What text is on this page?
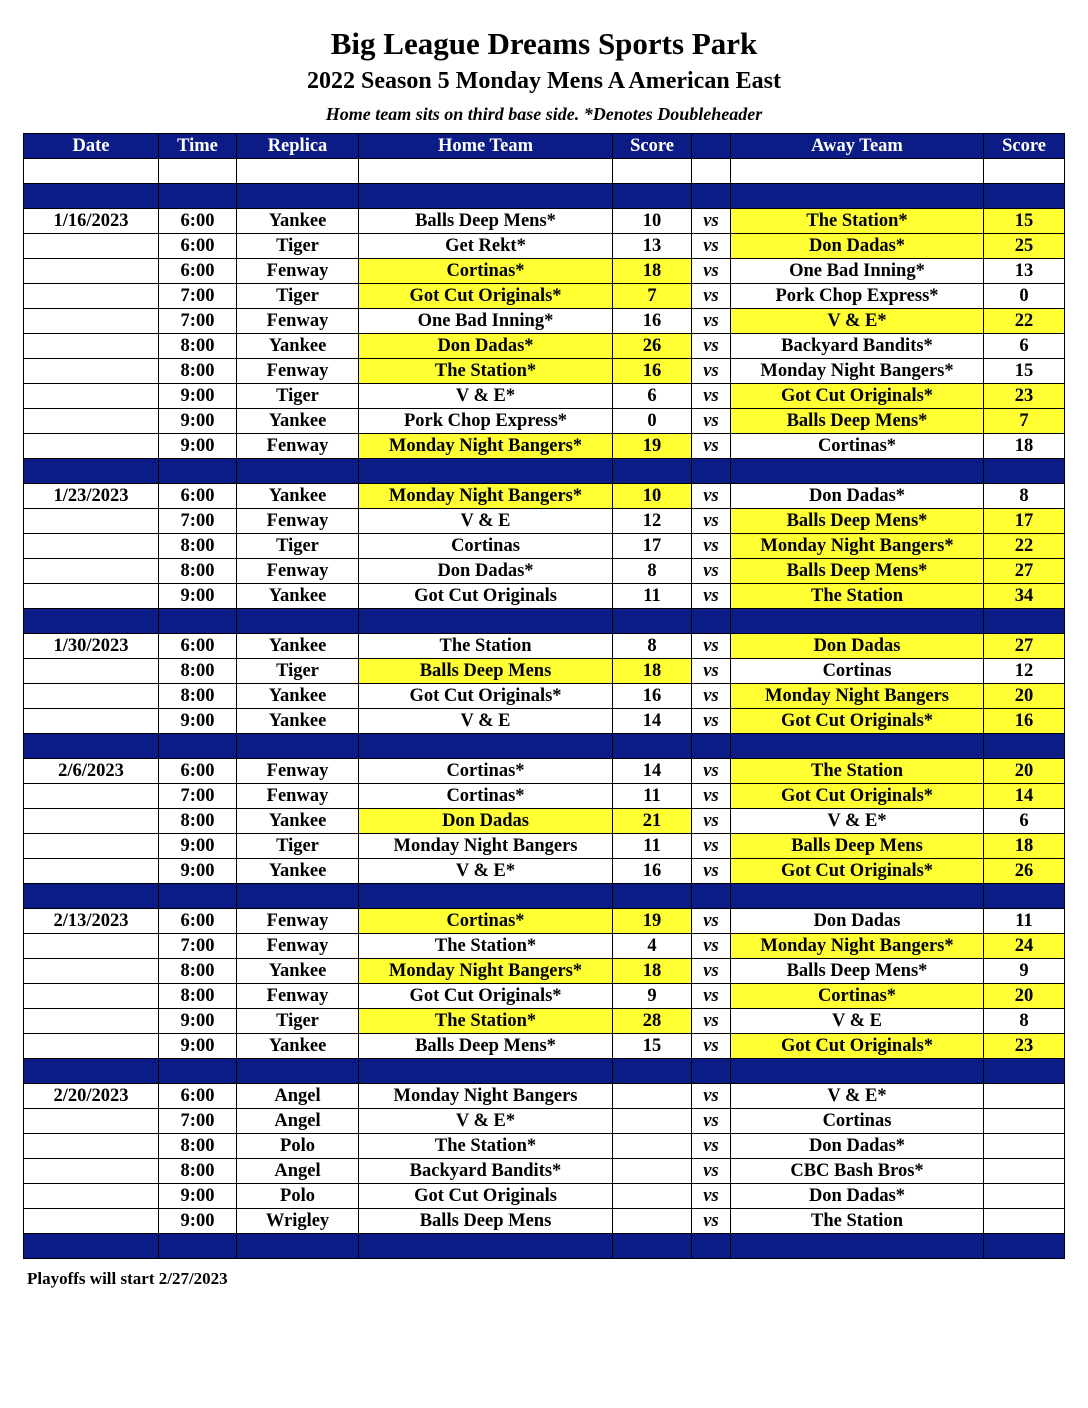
Big League Dreams Sports Park
2022 Season 5 Monday Mens A American East
Home team sits on third base side. *Denotes Doubleheader
Date	Time	Replica	Home Team	Score		Away Team	Score

1/16/2023	6:00	Yankee	Balls Deep Mens*	10	vs	The Station*	15
	6:00	Tiger	Get Rekt*	13	vs	Don Dadas*	25
	6:00	Fenway	Cortinas*	18	vs	One Bad Inning*	13
	7:00	Tiger	Got Cut Originals*	7	vs	Pork Chop Express*	0
	7:00	Fenway	One Bad Inning*	16	vs	V & E*	22
	8:00	Yankee	Don Dadas*	26	vs	Backyard Bandits*	6
	8:00	Fenway	The Station*	16	vs	Monday Night Bangers*	15
	9:00	Tiger	V & E*	6	vs	Got Cut Originals*	23
	9:00	Yankee	Pork Chop Express*	0	vs	Balls Deep Mens*	7
	9:00	Fenway	Monday Night Bangers*	19	vs	Cortinas*	18

1/23/2023	6:00	Yankee	Monday Night Bangers*	10	vs	Don Dadas*	8
	7:00	Fenway	V & E	12	vs	Balls Deep Mens*	17
	8:00	Tiger	Cortinas	17	vs	Monday Night Bangers*	22
	8:00	Fenway	Don Dadas*	8	vs	Balls Deep Mens*	27
	9:00	Yankee	Got Cut Originals	11	vs	The Station	34

1/30/2023	6:00	Yankee	The Station	8	vs	Don Dadas	27
	8:00	Tiger	Balls Deep Mens	18	vs	Cortinas	12
	8:00	Yankee	Got Cut Originals*	16	vs	Monday Night Bangers	20
	9:00	Yankee	V & E	14	vs	Got Cut Originals*	16

2/6/2023	6:00	Fenway	Cortinas*	14	vs	The Station	20
	7:00	Fenway	Cortinas*	11	vs	Got Cut Originals*	14
	8:00	Yankee	Don Dadas	21	vs	V & E*	6
	9:00	Tiger	Monday Night Bangers	11	vs	Balls Deep Mens	18
	9:00	Yankee	V & E*	16	vs	Got Cut Originals*	26

2/13/2023	6:00	Fenway	Cortinas*	19	vs	Don Dadas	11
	7:00	Fenway	The Station*	4	vs	Monday Night Bangers*	24
	8:00	Yankee	Monday Night Bangers*	18	vs	Balls Deep Mens*	9
	8:00	Fenway	Got Cut Originals*	9	vs	Cortinas*	20
	9:00	Tiger	The Station*	28	vs	V & E	8
	9:00	Yankee	Balls Deep Mens*	15	vs	Got Cut Originals*	23

2/20/2023	6:00	Angel	Monday Night Bangers		vs	V & E*	
	7:00	Angel	V & E*		vs	Cortinas	
	8:00	Polo	The Station*		vs	Don Dadas*	
	8:00	Angel	Backyard Bandits*		vs	CBC Bash Bros*	
	9:00	Polo	Got Cut Originals		vs	Don Dadas*	
	9:00	Wrigley	Balls Deep Mens		vs	The Station	

Playoffs will start 2/27/2023
